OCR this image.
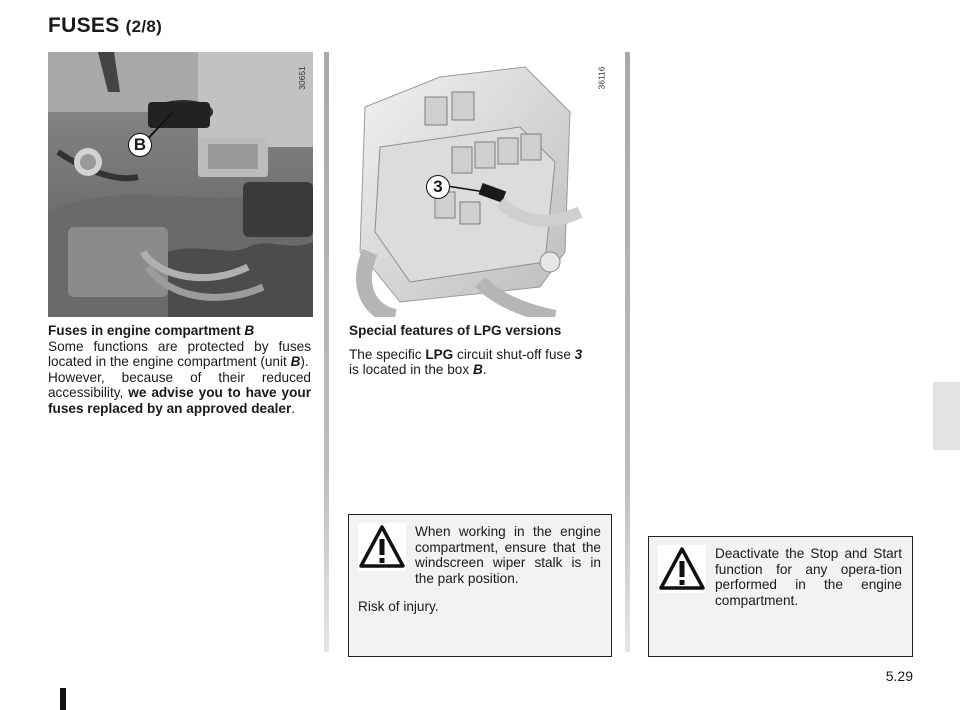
FUSES (2/8)
B
30651
3
36116

Fuses in engine compartment B

Some functions are protected by fuses located in the engine compartment (unit B).

However, because of their reduced accessibility, we advise you to have your fuses replaced by an approved dealer.

Special features of LPG versions

The specific LPG circuit shut-off fuse 3
is located in the box B.

When working in the engine compartment, ensure that the windscreen wiper stalk is in the park position.
Risk of injury.
Deactivate the Stop and Start function for any opera-tion performed in the engine compartment.
5.29
